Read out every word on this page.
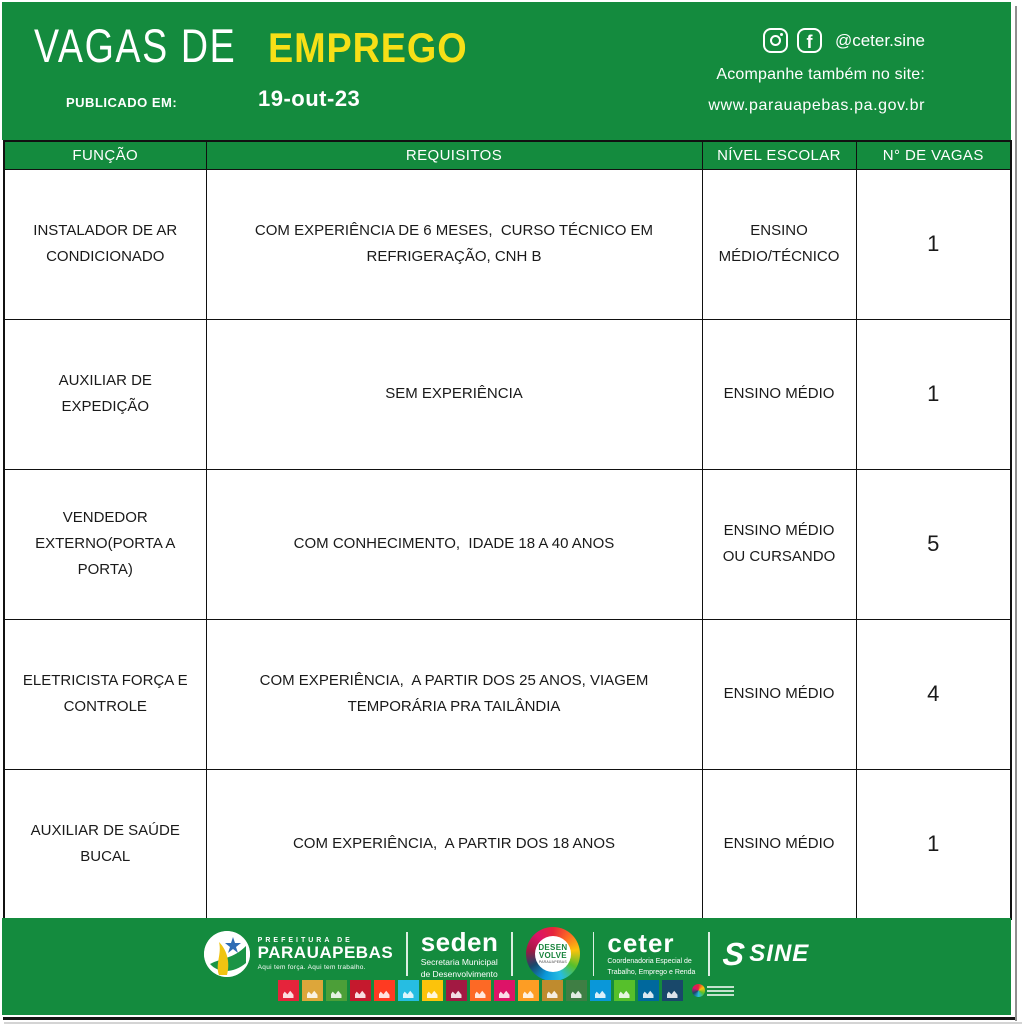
VAGAS DE EMPREGO
PUBLICADO EM:	19-out-23
f @ceter.sine
Acompanhe também no site:
www.parauapebas.pa.gov.br
FUNÇÃO	REQUISITOS	NÍVEL ESCOLAR	N° DE VAGAS
INSTALADOR DE AR CONDICIONADO	COM EXPERIÊNCIA DE 6 MESES,  CURSO TÉCNICO EM REFRIGERAÇÃO, CNH B	ENSINO MÉDIO/TÉCNICO	1
AUXILIAR DE EXPEDIÇÃO	SEM EXPERIÊNCIA	ENSINO MÉDIO	1
VENDEDOR EXTERNO(PORTA A PORTA)	COM CONHECIMENTO,  IDADE 18 A 40 ANOS	ENSINO MÉDIO OU CURSANDO	5
ELETRICISTA FORÇA E CONTROLE	COM EXPERIÊNCIA,  A PARTIR DOS 25 ANOS, VIAGEM TEMPORÁRIA PRA TAILÂNDIA	ENSINO MÉDIO	4
AUXILIAR DE SAÚDE BUCAL	COM EXPERIÊNCIA,  A PARTIR DOS 18 ANOS	ENSINO MÉDIO	1
PREFEITURA DE
PARAUAPEBAS
Aqui tem força. Aqui tem trabalho.
seden
Secretaria Municipal
de Desenvolvimento
DESEN
VOLVE
PARAUAPEBAS
ceter
Coordenadoria Especial de
Trabalho, Emprego e Renda
S SINE
